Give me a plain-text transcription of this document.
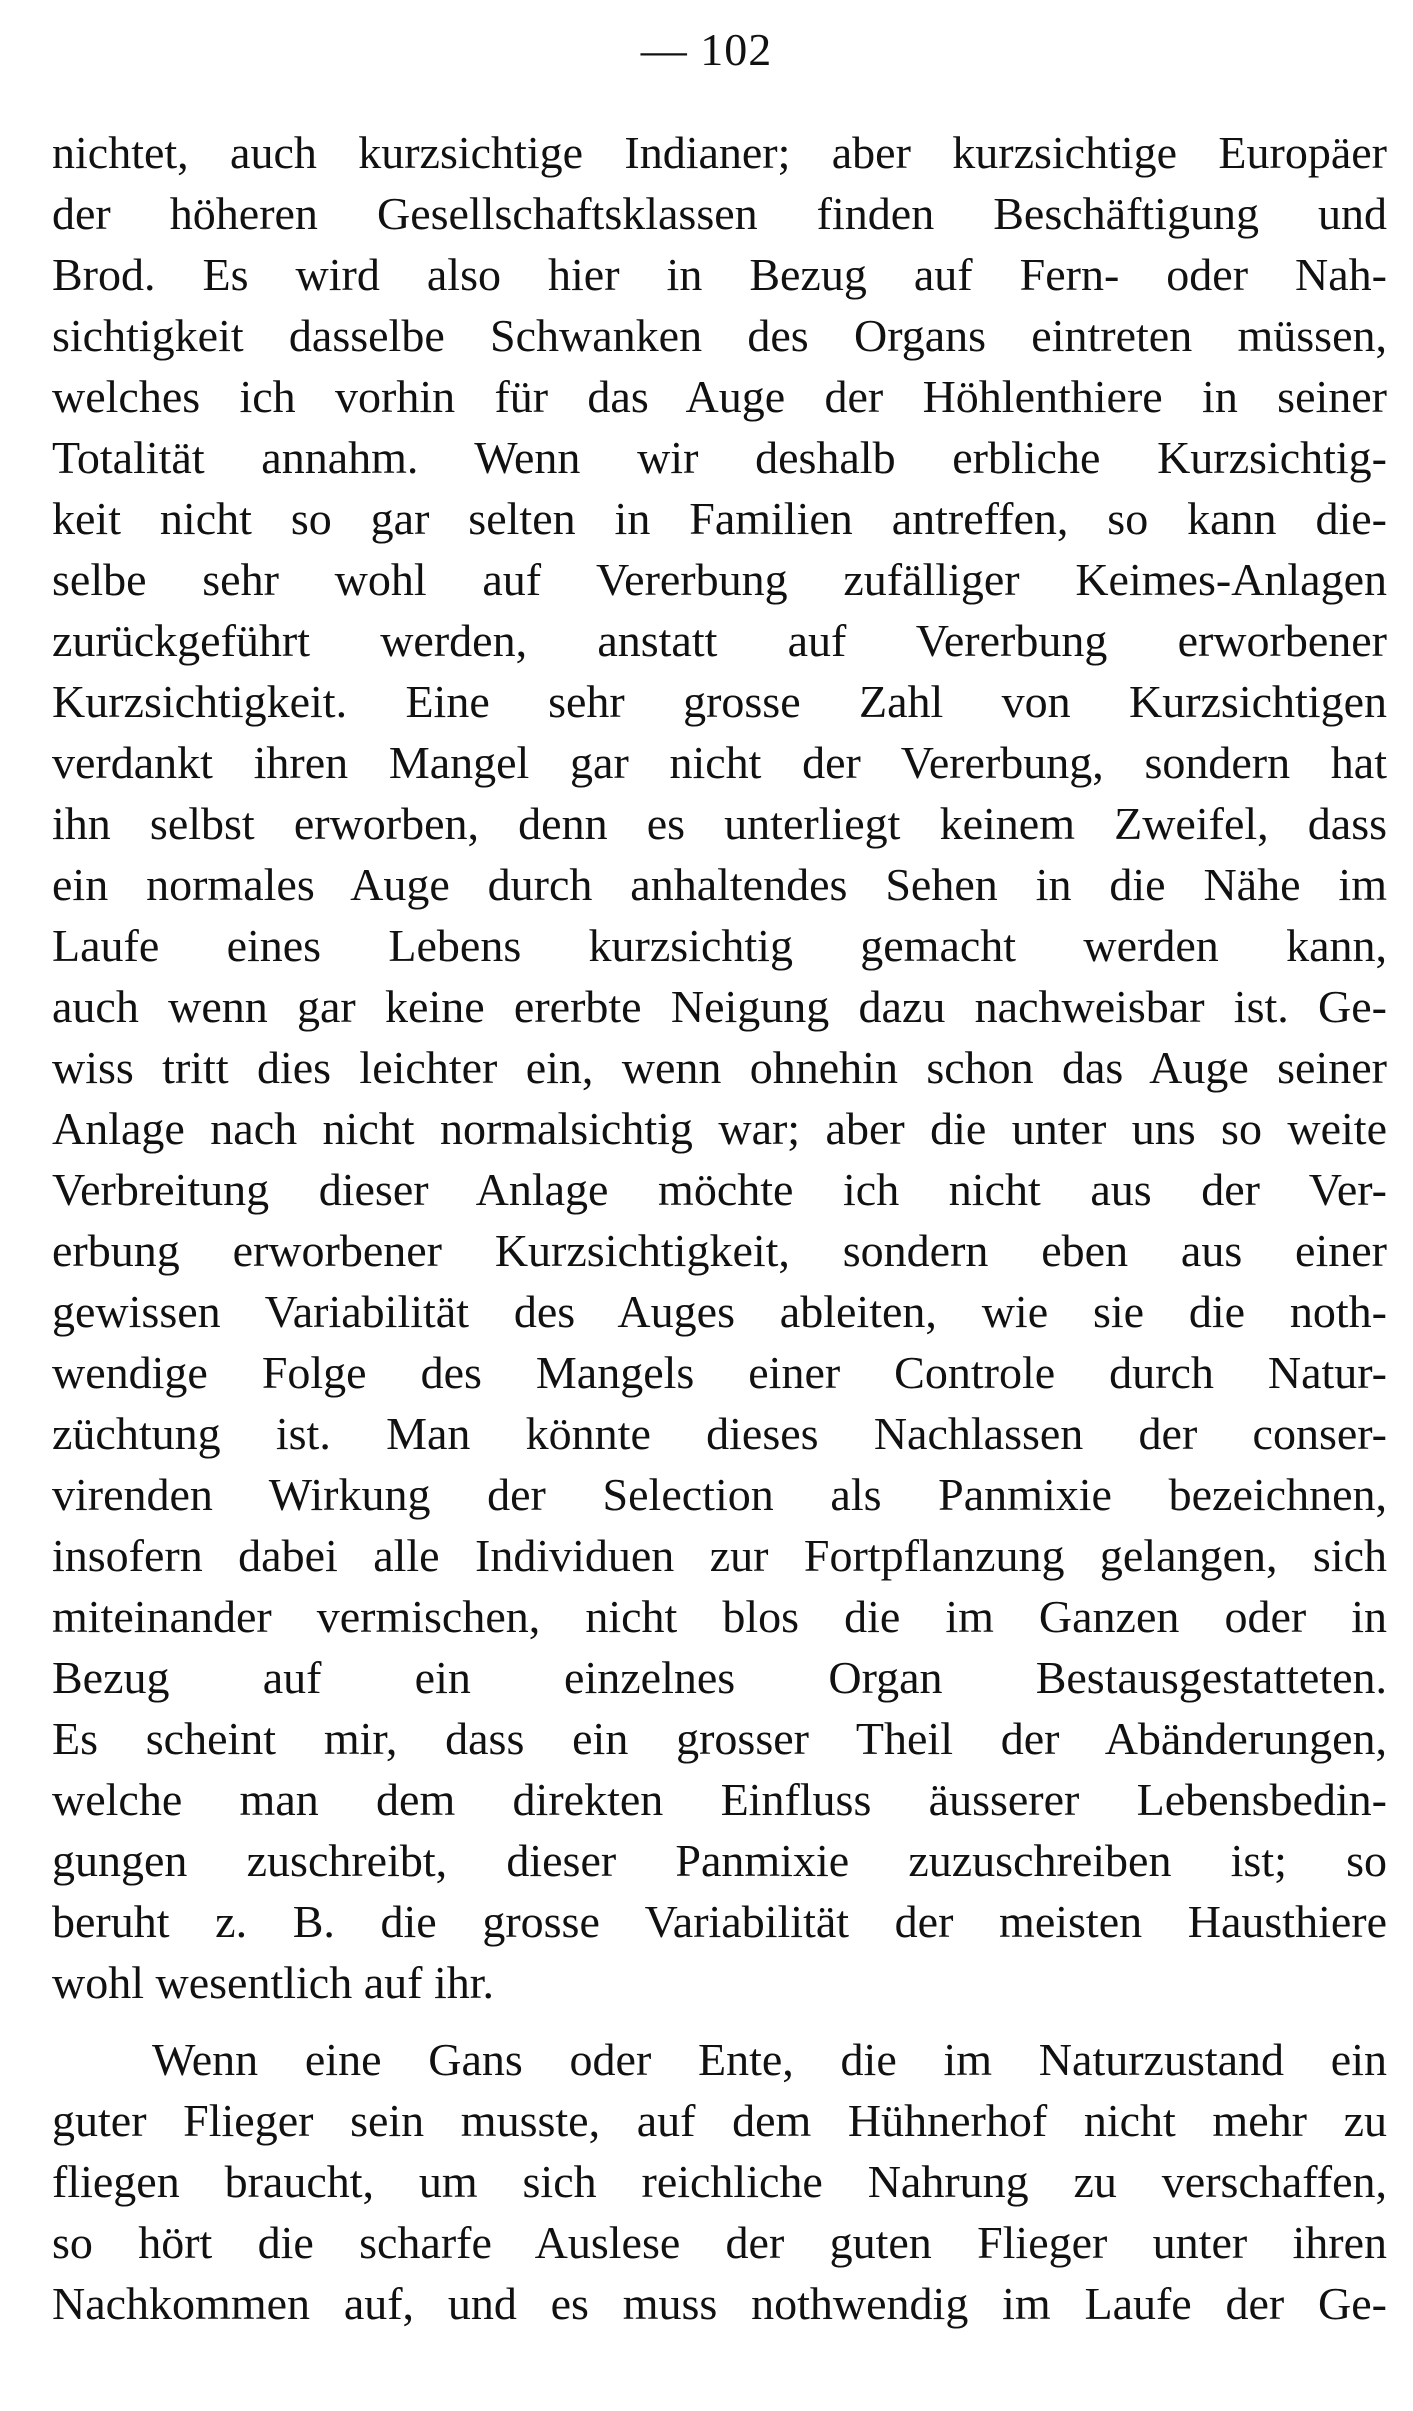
— 102
nichtet, auch kurzsichtige Indianer; aber kurzsichtige Europäer
der höheren Gesellschaftsklassen finden Beschäftigung und
Brod. Es wird also hier in Bezug auf Fern- oder Nah-
sichtigkeit dasselbe Schwanken des Organs eintreten müssen,
welches ich vorhin für das Auge der Höhlenthiere in seiner
Totalität annahm. Wenn wir deshalb erbliche Kurzsichtig-
keit nicht so gar selten in Familien antreffen, so kann die-
selbe sehr wohl auf Vererbung zufälliger Keimes-Anlagen
zurückgeführt werden, anstatt auf Vererbung erworbener
Kurzsichtigkeit. Eine sehr grosse Zahl von Kurzsichtigen
verdankt ihren Mangel gar nicht der Vererbung, sondern hat
ihn selbst erworben, denn es unterliegt keinem Zweifel, dass
ein normales Auge durch anhaltendes Sehen in die Nähe im
Laufe eines Lebens kurzsichtig gemacht werden kann,
auch wenn gar keine ererbte Neigung dazu nachweisbar ist. Ge-
wiss tritt dies leichter ein, wenn ohnehin schon das Auge seiner
Anlage nach nicht normalsichtig war; aber die unter uns so weite
Verbreitung dieser Anlage möchte ich nicht aus der Ver-
erbung erworbener Kurzsichtigkeit, sondern eben aus einer
gewissen Variabilität des Auges ableiten, wie sie die noth-
wendige Folge des Mangels einer Controle durch Natur-
züchtung ist. Man könnte dieses Nachlassen der conser-
virenden Wirkung der Selection als Panmixie bezeichnen,
insofern dabei alle Individuen zur Fortpflanzung gelangen, sich
miteinander vermischen, nicht blos die im Ganzen oder in
Bezug auf ein einzelnes Organ Bestausgestatteten.
Es scheint mir, dass ein grosser Theil der Abänderungen,
welche man dem direkten Einfluss äusserer Lebensbedin-
gungen zuschreibt, dieser Panmixie zuzuschreiben ist; so
beruht z. B. die grosse Variabilität der meisten Hausthiere
wohl wesentlich auf ihr.
Wenn eine Gans oder Ente, die im Naturzustand ein
guter Flieger sein musste, auf dem Hühnerhof nicht mehr zu
fliegen braucht, um sich reichliche Nahrung zu verschaffen,
so hört die scharfe Auslese der guten Flieger unter ihren
Nachkommen auf, und es muss nothwendig im Laufe der Ge-
